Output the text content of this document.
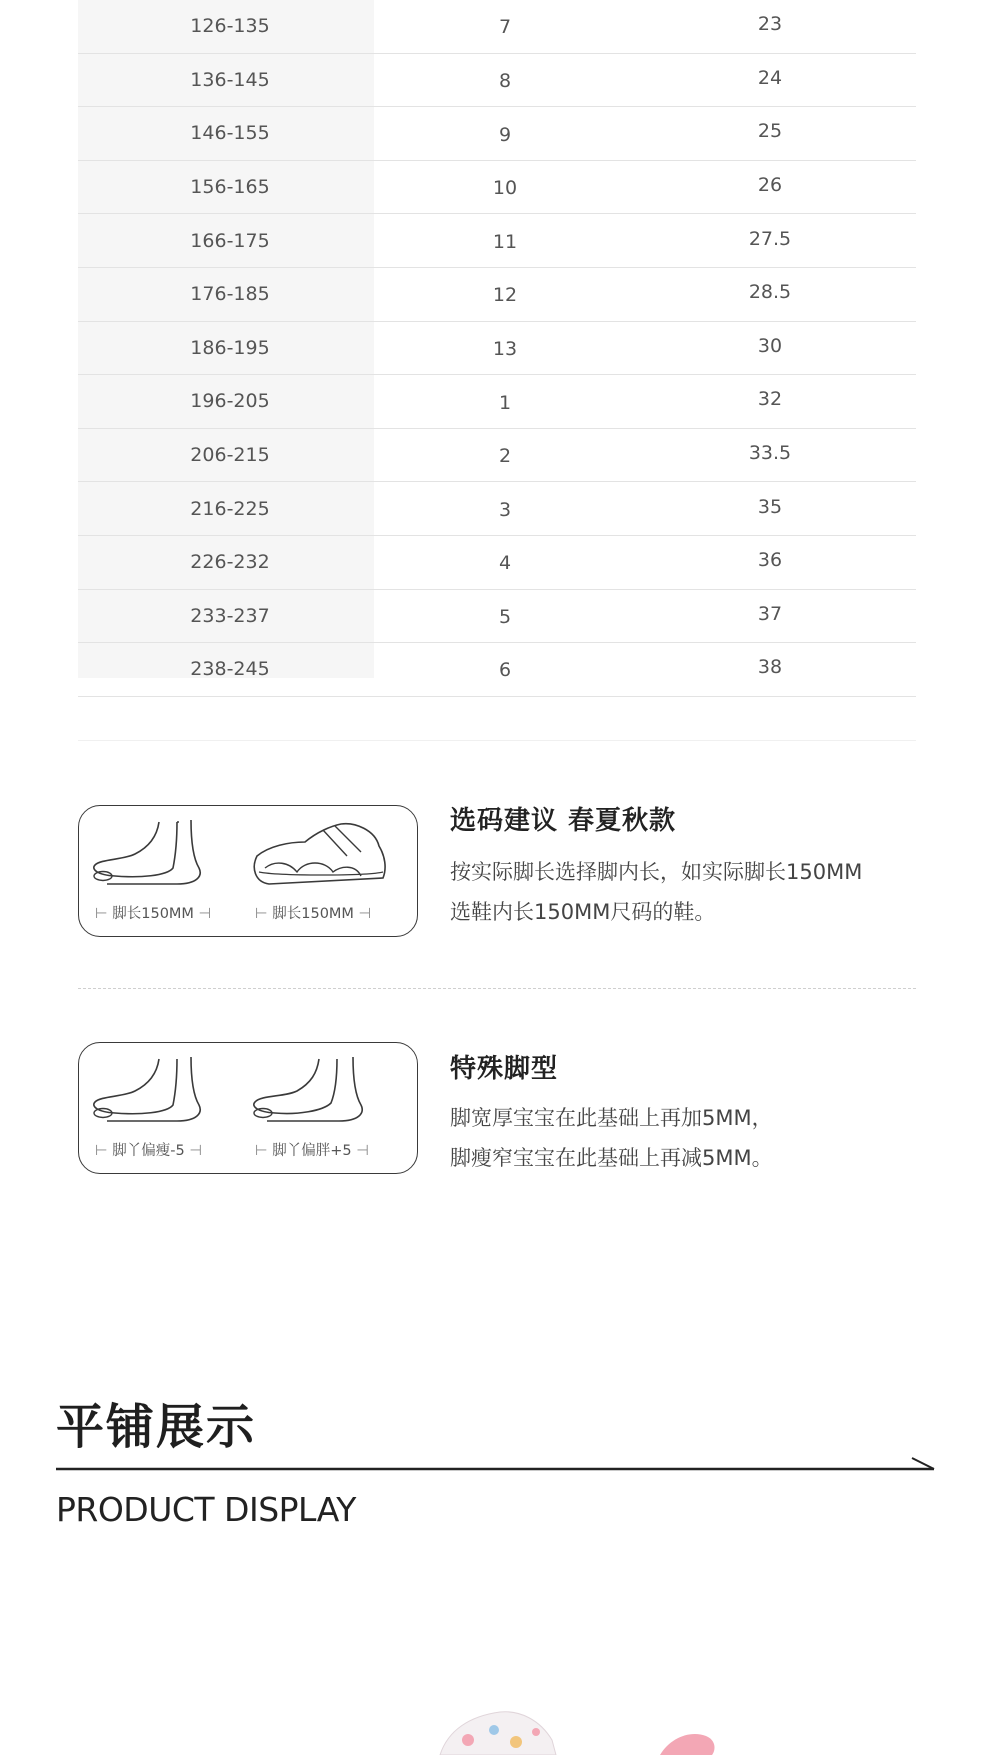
126-135	7	23
136-145	8	24
146-155	9	25
156-165	10	26
166-175	11	27.5
176-185	12	28.5
186-195	13	30
196-205	1	32
206-215	2	33.5
216-225	3	35
226-232	4	36
233-237	5	37
238-245	6	38
⊢ 脚长150MM ⊣	⊢ 脚长150MM ⊣
选码建议 春夏秋款
按实际脚长选择脚内长，如实际脚长150MM
选鞋内长150MM尺码的鞋。
⊢ 脚丫偏瘦-5 ⊣	⊢ 脚丫偏胖+5 ⊣
特殊脚型
脚宽厚宝宝在此基础上再加5MM，
脚瘦窄宝宝在此基础上再减5MM。
平铺展示
PRODUCT DISPLAY
